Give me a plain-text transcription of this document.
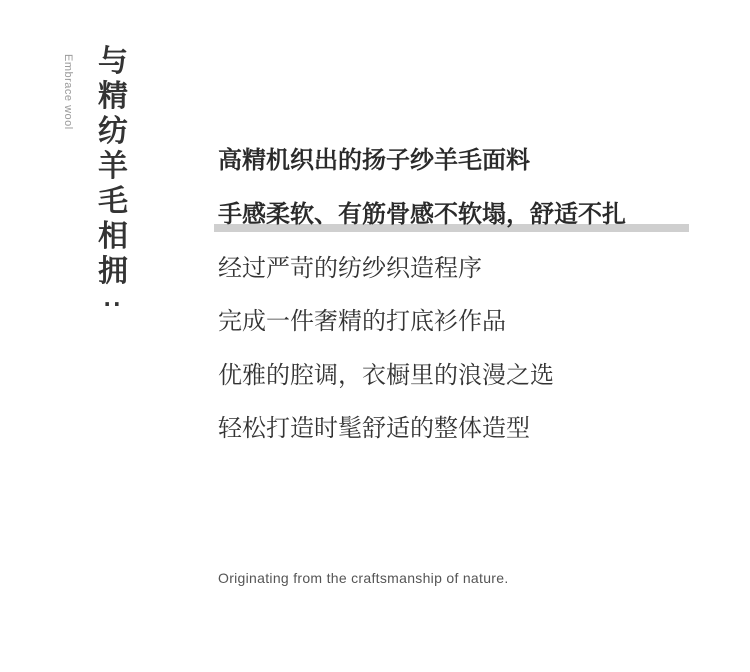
Embrace wool 与精纺羊毛相拥
··
高精机织出的扬子纱羊毛面料
手感柔软、有筋骨感不软塌，舒适不扎
经过严苛的纺纱织造程序
完成一件奢精的打底衫作品
优雅的腔调，衣橱里的浪漫之选
轻松打造时髦舒适的整体造型
Originating from the craftsmanship of nature.
